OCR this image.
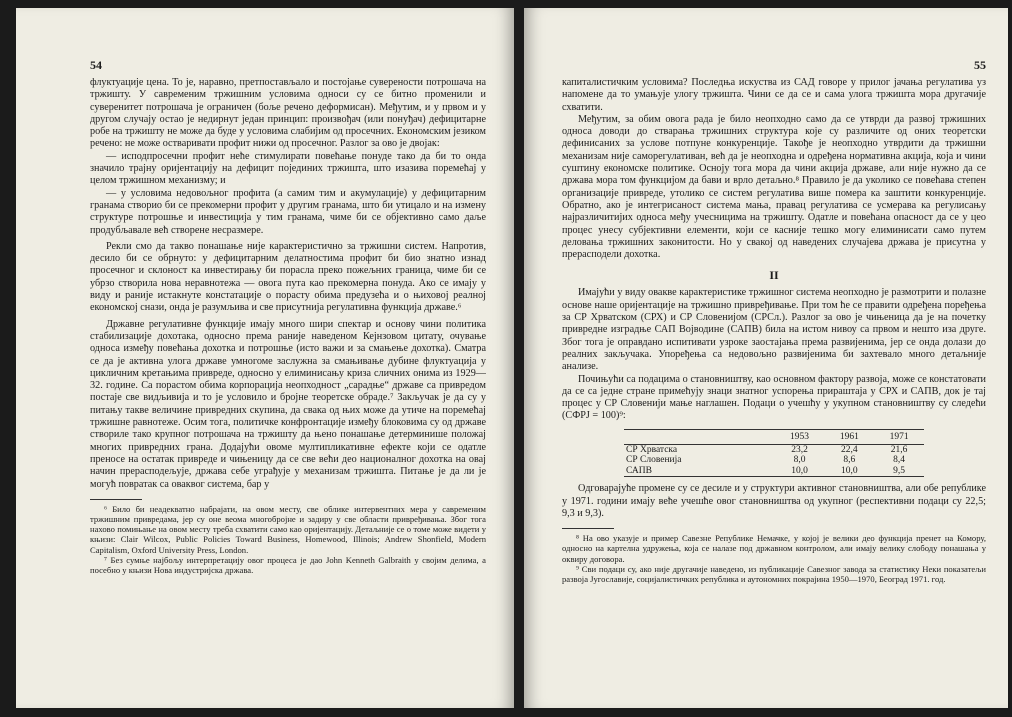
54

флуктуације цена. То је, наравно, претпостављало и постојање суверености потрошача на тржишту. У савременим тржишним условима односи су се битно променили и суверенитет потрошача је ограничен (боље речено деформисан). Међутим, и у првом и у другом случају остао је недирнут један принцип: произвођач (или понуђач) дефицитарне робе на тржишту не може да буде у условима слабијим од просечних. Економским језиком речено: не може остваривати профит нижи од просечног. Разлог за ово је двојак:

— исподпросечни профит неће стимулирати повећање понуде тако да би то онда значило трајну оријентацију на дефицит појединих тржишта, што изазива поремећај у целом тржишном механизму; и

— у условима недовољног профита (а самим тим и акумулације) у дефицитарним гранама створио би се прекомерни профит у другим гранама, што би утицало и на измену структуре потрошње и инвестиција у тим гранама, чиме би се објективно само даље продубљавале већ створене несразмере.

Рекли смо да такво понашање није карактеристично за тржишни систем. Напротив, десило би се обрнуто: у дефицитарним делатностима профит би био знатно изнад просечног и склоност ка инвестирању би порасла преко пожељних граница, чиме би се убрзо створила нова неравнотежа — овога пута као прекомерна понуда. Ако се имају у виду и раније истакнуте констатације о порасту обима предузећа и о њиховој реалној економској снази, онда је разумљива и све присутнија регулативна функција државе.⁶

Државне регулативне функције имају много шири спектар и основу чини политика стабилизације дохотака, односно према раније наведеном Кејнзовом цитату, очување односа између повећања дохотка и потрошње (исто важи и за смањење дохотка). Сматра се да је активна улога државе умногоме заслужна за смањивање дубине флуктуација у цикличним кретањима привреде, односно у елиминисању криза сличних онима из 1929—32. године. Са порастом обима корпорација неопходност „сарадње“ државе са привредом постаје све видљивија и то је условило и бројне теоретске обраде.⁷ Закључак је да су у питању такве величине привредних скупина, да свака од њих може да утиче на поремећај тржишне равнотеже. Осим тога, политичке конфронтације између блоковима су од државе створиле тако крупног потрошача на тржишту да њено понашање детерминише положај многих привредних грана. Додајући овоме мултипликативне ефекте који се одатле преносе на остатак привреде и чињеницу да се све већи део националног дохотка на овај начин прерасподељује, држава себе уграђује у механизам тржишта. Питање је да ли је могућ повратак са оваквог система, бар у

⁶ Било би неадекватно набрајати, на овом месту, све облике интервентних мера у савременим тржишним привредама, јер су оне веома многобројне и задиру у све области привређивања. Због тога нахово помињање на овом месту треба схватити само као оријентацију. Детаљније се о томе може видети у књизи: Clair Wilcox, Public Policies Toward Business, Homewood, Illinois; Andrew Shonfield, Modern Capitalism, Oxford University Press, London.

⁷ Без сумње најбољу интерпретацију овог процеса је дао John Kenneth Galbraith у својим делима, а посебно у књизи Нова индустријска држава.

55

капиталистичким условима? Последња искуства из САД говоре у прилог јачања регулатива уз напомене да то умањује улогу тржишта. Чини се да се и сама улога тржишта мора другачије схватити.

Међутим, за обим овога рада је било неопходно само да се утврди да развој тржишних односа доводи до стварања тржишних структура које су различите од оних теоретски дефинисаних за услове потпуне конкуренције. Такође је неопходно утврдити да тржишни механизам није саморегулативан, већ да је неопходна и одређена нормативна акција, која и чини суштину економске политике. Осноју тога мора да чини акција државе, али није нужно да се држава мора том функцијом да бави и врло детаљно.⁸ Правило је да уколико се повећава степен организације привреде, утолико се систем регулатива више помера ка заштити конкуренције. Обратно, ако је интегрисаност система мања, правац регулатива се усмерава ка регулисању најразличитијих односа међу учесницима на тржишту. Одатле и повећана опасност да се у цео процес унесу субјективни елементи, који се касније тешко могу елиминисати само путем деловања тржишних законитости. Но у свакој од наведених случајева држава је присутна у прерасподели дохотка.

II

Имајући у виду овакве карактеристике тржишног система неопходно је размотрити и полазне основе наше оријентације на тржишно привређивање. При том ће се правити одређена поређења за СР Хрватском (СРХ) и СР Словенијом (СРСл.). Разлог за ово је чињеница да је на почетку привредне изградње САП Војводине (САПВ) била на истом нивоу са првом и нешто иза друге. Због тога је оправдано испитивати узроке заостајања према развијенима, јер се онда долази до реалних закључака. Упоређења са недовољно развијенима би захтевало много детаљније анализе.

Почињући са подацима о становништву, као основном фактору развоја, може се констатовати да се са једне стране примећују знаци знатног успорења прираштаја у СРХ и САПВ, док је тај процес у СР Словенији мање наглашен. Подаци о учешћу у укупном становништву су следећи (СФРЈ = 100)⁹:

	1953	1961	1971
СР Хрватска	23,2	22,4	21,6
СР Словенија	8,0	8,6	8,4
САПВ	10,0	10,0	9,5

Одговарајуће промене су се десиле и у структури активног становништва, али обе републике у 1971. години имају веће учешће овог становништва од укупног (респективни подаци су 22,5; 9,3 и 9,3).

⁸ На ово указује и пример Савезне Републике Немачке, у којој је велики део функција пренет на Комору, односно на картелна удружења, која се налазе под државном контролом, али имају велику слободу понашања у оквиру договора.

⁹ Сви подаци су, ако није другачије наведено, из публикације Савезног завода за статистику Неки показатељи развоја Југославије, социјалистичких република и аутономних покрајина 1950—1970, Београд 1971. год.
